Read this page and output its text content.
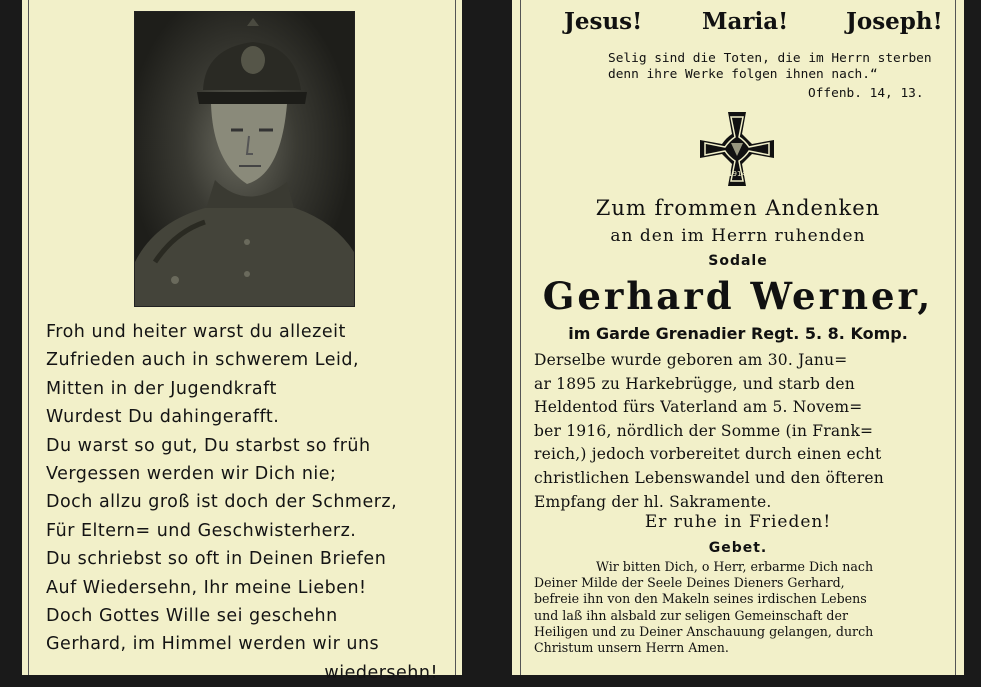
Froh und heiter warst du allezeit
Zufrieden auch in schwerem Leid,
Mitten in der Jugendkraft
Wurdest Du dahingerafft.
Du warst so gut, Du starbst so früh
Vergessen werden wir Dich nie;
Doch allzu groß ist doch der Schmerz,
Für Eltern= und Geschwisterherz.
Du schriebst so oft in Deinen Briefen
Auf Wiedersehn, Ihr meine Lieben!
Doch Gottes Wille sei geschehn
Gerhard, im Himmel werden wir uns
wiedersehn!
Jesus!	Maria!	Joseph!
Selig sind die Toten, die im Herrn sterben
denn ihre Werke folgen ihnen nach.“
Offenb. 14, 13.
1914
Zum frommen Andenken
an den im Herrn ruhenden
Sodale
Gerhard Werner,
im Garde Grenadier Regt. 5. 8. Komp.
Derselbe wurde geboren am 30. Janu=
ar 1895 zu Harkebrügge, und starb den
Heldentod fürs Vaterland am 5. Novem=
ber 1916, nördlich der Somme (in Frank=
reich,) jedoch vorbereitet durch einen echt
christlichen Lebenswandel und den öfteren
Empfang der hl. Sakramente.
Er ruhe in Frieden!
Gebet.
Wir bitten Dich, o Herr, erbarme Dich nach
Deiner Milde der Seele Deines Dieners Gerhard,
befreie ihn von den Makeln seines irdischen Lebens
und laß ihn alsbald zur seligen Gemeinschaft der
Heiligen und zu Deiner Anschauung gelangen, durch
Christum unsern Herrn Amen.
